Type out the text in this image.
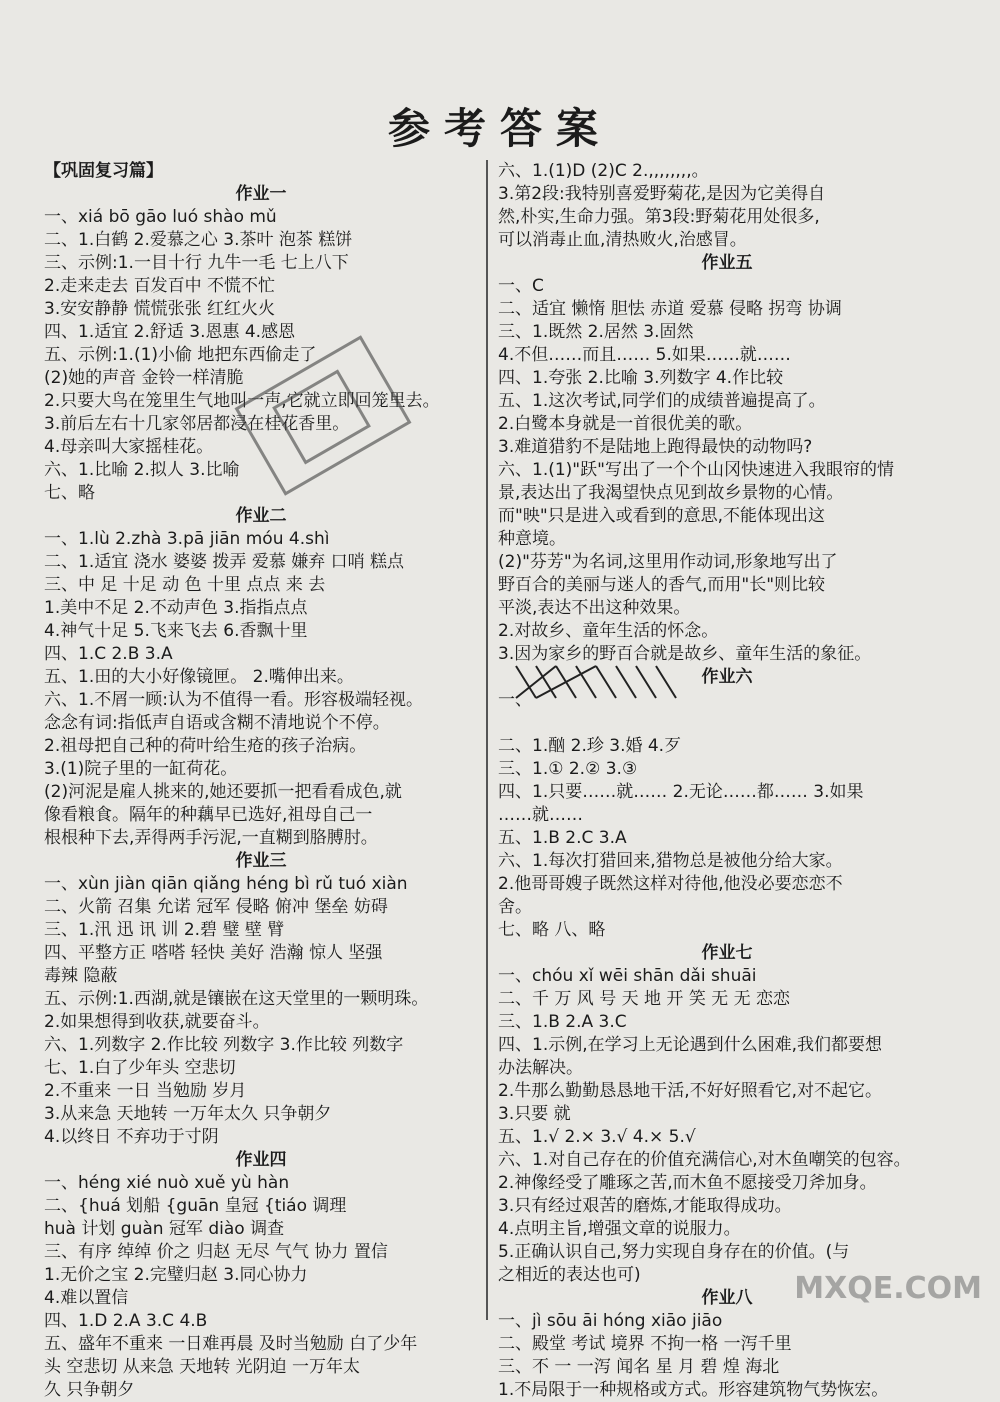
参考答案
【巩固复习篇】
作业一
一、xiá bō gāo luó shào mǔ
二、1.白鹤 2.爱慕之心 3.茶叶 泡茶 糕饼
三、示例:1.一目十行 九牛一毛 七上八下
2.走来走去 百发百中 不慌不忙
3.安安静静 慌慌张张 红红火火
四、1.适宜 2.舒适 3.恩惠 4.感恩
五、示例:1.(1)小偷 地把东西偷走了
(2)她的声音 金铃一样清脆
2.只要大鸟在笼里生气地叫一声,它就立即回笼里去。
3.前后左右十几家邻居都浸在桂花香里。
4.母亲叫大家摇桂花。
六、1.比喻 2.拟人 3.比喻
七、略
作业二
一、1.lù 2.zhà 3.pā jiān móu 4.shì
二、1.适宜 浇水 婆婆 拨弄 爱慕 嫌弃 口哨 糕点
三、中 足 十足 动 色 十里 点点 来 去
1.美中不足 2.不动声色 3.指指点点
4.神气十足 5.飞来飞去 6.香飘十里
四、1.C 2.B 3.A
五、1.田的大小好像镜匣。 2.嘴伸出来。
六、1.不屑一顾:认为不值得一看。形容极端轻视。
念念有词:指低声自语或含糊不清地说个不停。
2.祖母把自己种的荷叶给生疮的孩子治病。
3.(1)院子里的一缸荷花。
(2)河泥是雇人挑来的,她还要抓一把看看成色,就
像看粮食。隔年的种藕早已选好,祖母自己一
根根种下去,弄得两手污泥,一直糊到胳膊肘。
作业三
一、xùn jiàn qiān qiǎng héng bì rǔ tuó xiàn
二、火箭 召集 允诺 冠军 侵略 俯冲 堡垒 妨碍
三、1.汛 迅 讯 训 2.碧 璧 壁 臂
四、平整方正 嗒嗒 轻快 美好 浩瀚 惊人 坚强
毒辣 隐蔽
五、示例:1.西湖,就是镶嵌在这天堂里的一颗明珠。
2.如果想得到收获,就要奋斗。
六、1.列数字 2.作比较 列数字 3.作比较 列数字
七、1.白了少年头 空悲切
2.不重来 一日 当勉励 岁月
3.从来急 天地转 一万年太久 只争朝夕
4.以终日 不弃功于寸阴
作业四
一、héng xié nuò xuě yù hàn
二、{huá 划船 {guān 皇冠 {tiáo 调理
huà 计划 guàn 冠军 diào 调查
三、有序 绰绰 价之 归赵 无尽 气气 协力 置信
1.无价之宝 2.完璧归赵 3.同心协力
4.难以置信
四、1.D 2.A 3.C 4.B
五、盛年不重来 一日难再晨 及时当勉励 白了少年
头 空悲切 从来急 天地转 光阴迫 一万年太
久 只争朝夕
六、1.(1)D (2)C 2.,,,,,,,,。
3.第2段:我特别喜爱野菊花,是因为它美得自
然,朴实,生命力强。第3段:野菊花用处很多,
可以消毒止血,清热败火,治感冒。
作业五
一、C
二、适宜 懒惰 胆怯 赤道 爱慕 侵略 拐弯 协调
三、1.既然 2.居然 3.固然
4.不但……而且…… 5.如果……就……
四、1.夸张 2.比喻 3.列数字 4.作比较
五、1.这次考试,同学们的成绩普遍提高了。
2.白鹭本身就是一首很优美的歌。
3.难道猎豹不是陆地上跑得最快的动物吗?
六、1.(1)"跃"写出了一个个山冈快速进入我眼帘的情
景,表达出了我渴望快点见到故乡景物的心情。
而"映"只是进入或看到的意思,不能体现出这
种意境。
(2)"芬芳"为名词,这里用作动词,形象地写出了
野百合的美丽与迷人的香气,而用"长"则比较
平淡,表达不出这种效果。
2.对故乡、童年生活的怀念。
3.因为家乡的野百合就是故乡、童年生活的象征。
作业六
一、
二、1.酗 2.珍 3.婚 4.歹
三、1.① 2.② 3.③
四、1.只要……就…… 2.无论……都…… 3.如果
……就……
五、1.B 2.C 3.A
六、1.每次打猎回来,猎物总是被他分给大家。
2.他哥哥嫂子既然这样对待他,他没必要恋恋不
舍。
七、略 八、略
作业七
一、chóu xǐ wēi shān dǎi shuāi
二、千 万 风 号 天 地 开 笑 无 无 恋恋
三、1.B 2.A 3.C
四、1.示例,在学习上无论遇到什么困难,我们都要想
办法解决。
2.牛那么勤勤恳恳地干活,不好好照看它,对不起它。
3.只要 就
五、1.√ 2.× 3.√ 4.× 5.√
六、1.对自己存在的价值充满信心,对木鱼嘲笑的包容。
2.神像经受了雕琢之苦,而木鱼不愿接受刀斧加身。
3.只有经过艰苦的磨炼,才能取得成功。
4.点明主旨,增强文章的说服力。
5.正确认识自己,努力实现自身存在的价值。(与
之相近的表达也可)
作业八
一、jì sōu āi hóng xiāo jiāo
二、殿堂 考试 境界 不拘一格 一泻千里
三、不 一 一泻 闻名 星 月 碧 煌 海北
1.不局限于一种规格或方式。形容建筑物气势恢宏。
MXQE.COM
